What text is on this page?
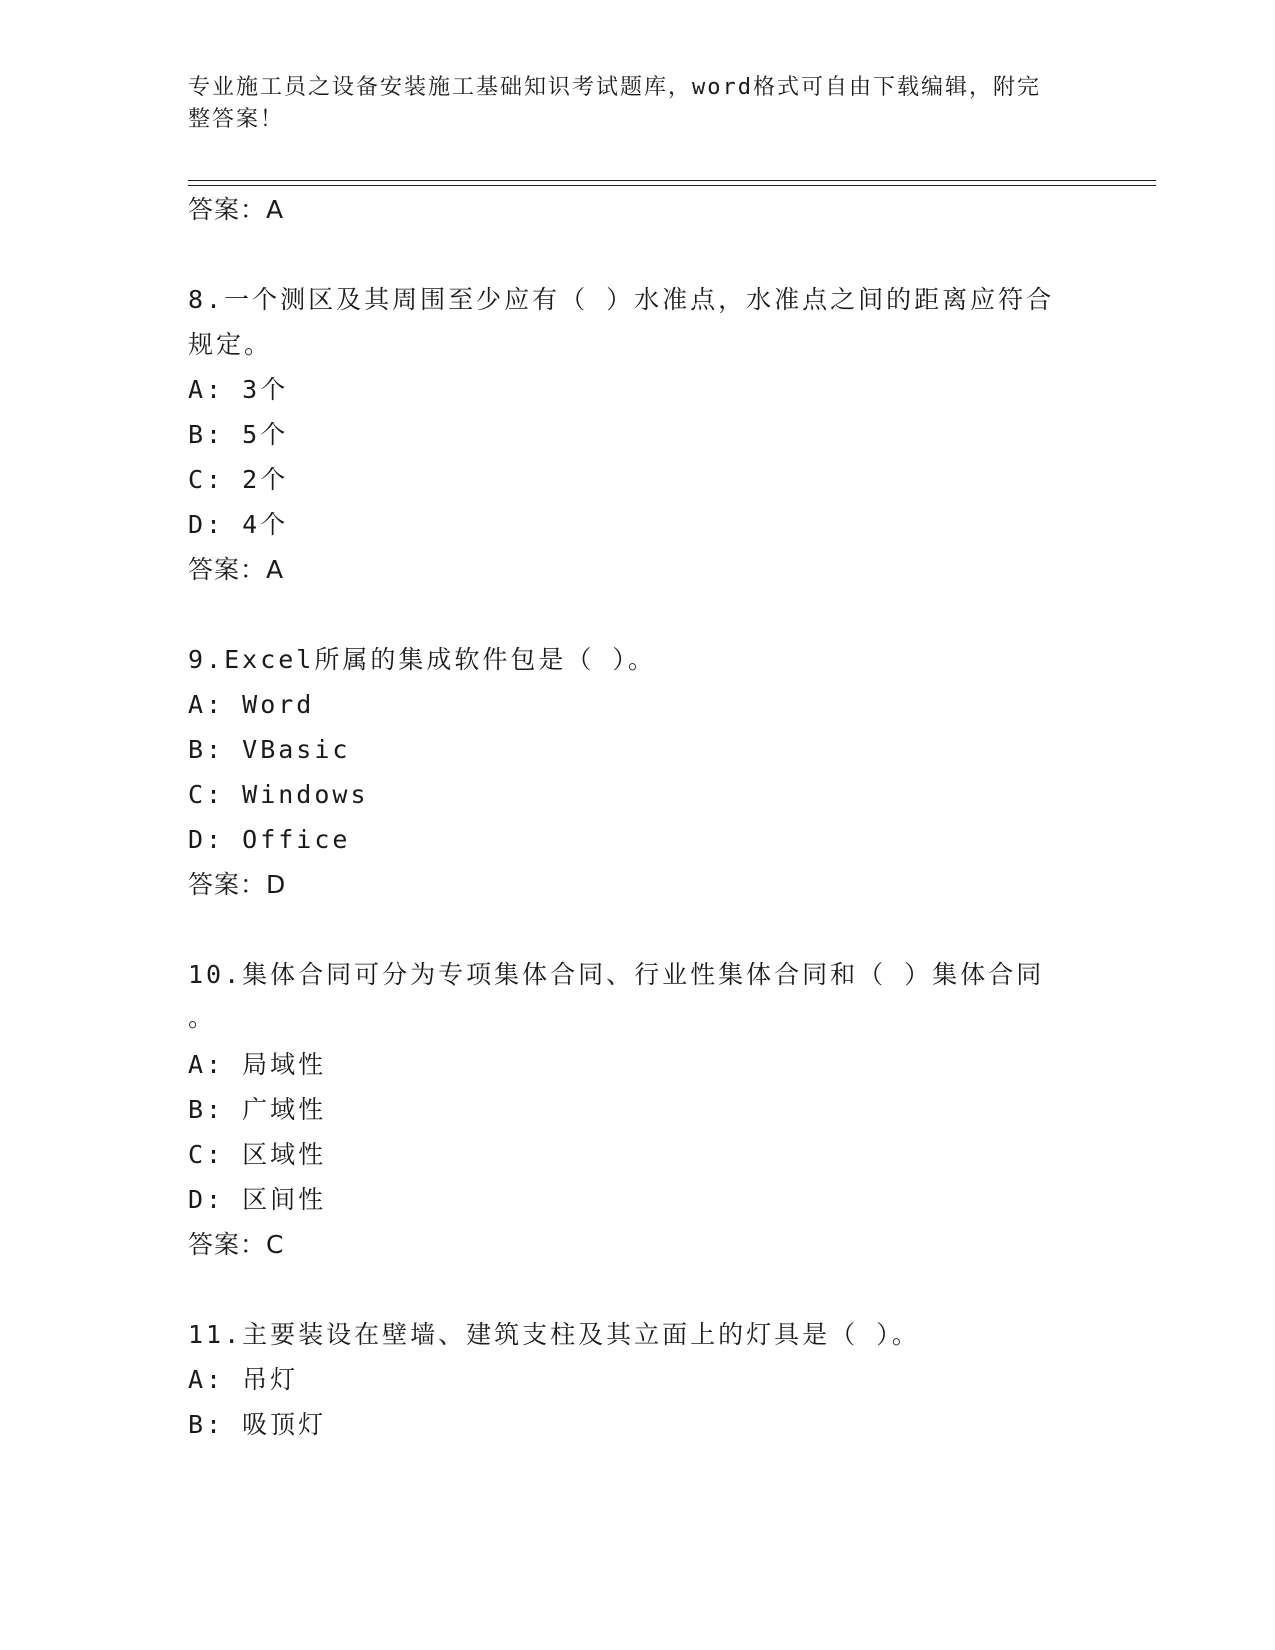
专业施工员之设备安装施工基础知识考试题库，word格式可自由下载编辑，附完
整答案！
答案：A
8.一个测区及其周围至少应有（ ）水准点，水准点之间的距离应符合
规定。
A: 3个
B: 5个
C: 2个
D: 4个
答案：A
9.Excel所属的集成软件包是（ ）。
A: Word
B: VBasic
C: Windows
D: Office
答案：D
10.集体合同可分为专项集体合同、行业性集体合同和（ ）集体合同
。
A: 局域性
B: 广域性
C: 区域性
D: 区间性
答案：C
11.主要装设在壁墙、建筑支柱及其立面上的灯具是（ ）。
A: 吊灯
B: 吸顶灯
